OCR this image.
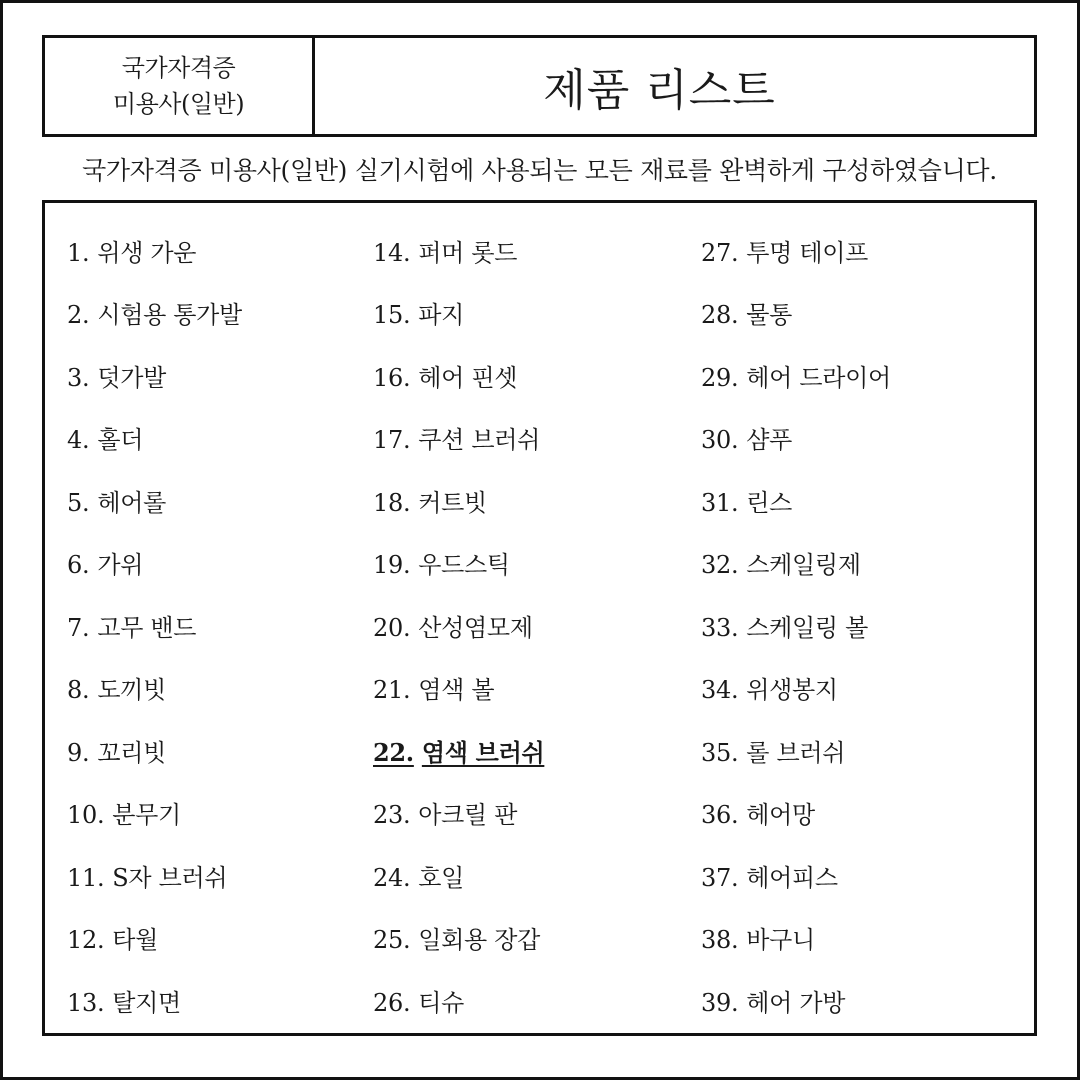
국가자격증
미용사(일반)	제품 리스트
국가자격증 미용사(일반) 실기시험에 사용되는 모든 재료를 완벽하게 구성하였습니다.
1. 위생 가운
2. 시험용 통가발
3. 덧가발
4. 홀더
5. 헤어롤
6. 가위
7. 고무 밴드
8. 도끼빗
9. 꼬리빗
10. 분무기
11. S자 브러쉬
12. 타월
13. 탈지면
14. 퍼머 롯드
15. 파지
16. 헤어 핀셋
17. 쿠션 브러쉬
18. 커트빗
19. 우드스틱
20. 산성염모제
21. 염색 볼
22. 염색 브러쉬
23. 아크릴 판
24. 호일
25. 일회용 장갑
26. 티슈
27. 투명 테이프
28. 물통
29. 헤어 드라이어
30. 샴푸
31. 린스
32. 스케일링제
33. 스케일링 볼
34. 위생봉지
35. 롤 브러쉬
36. 헤어망
37. 헤어피스
38. 바구니
39. 헤어 가방
